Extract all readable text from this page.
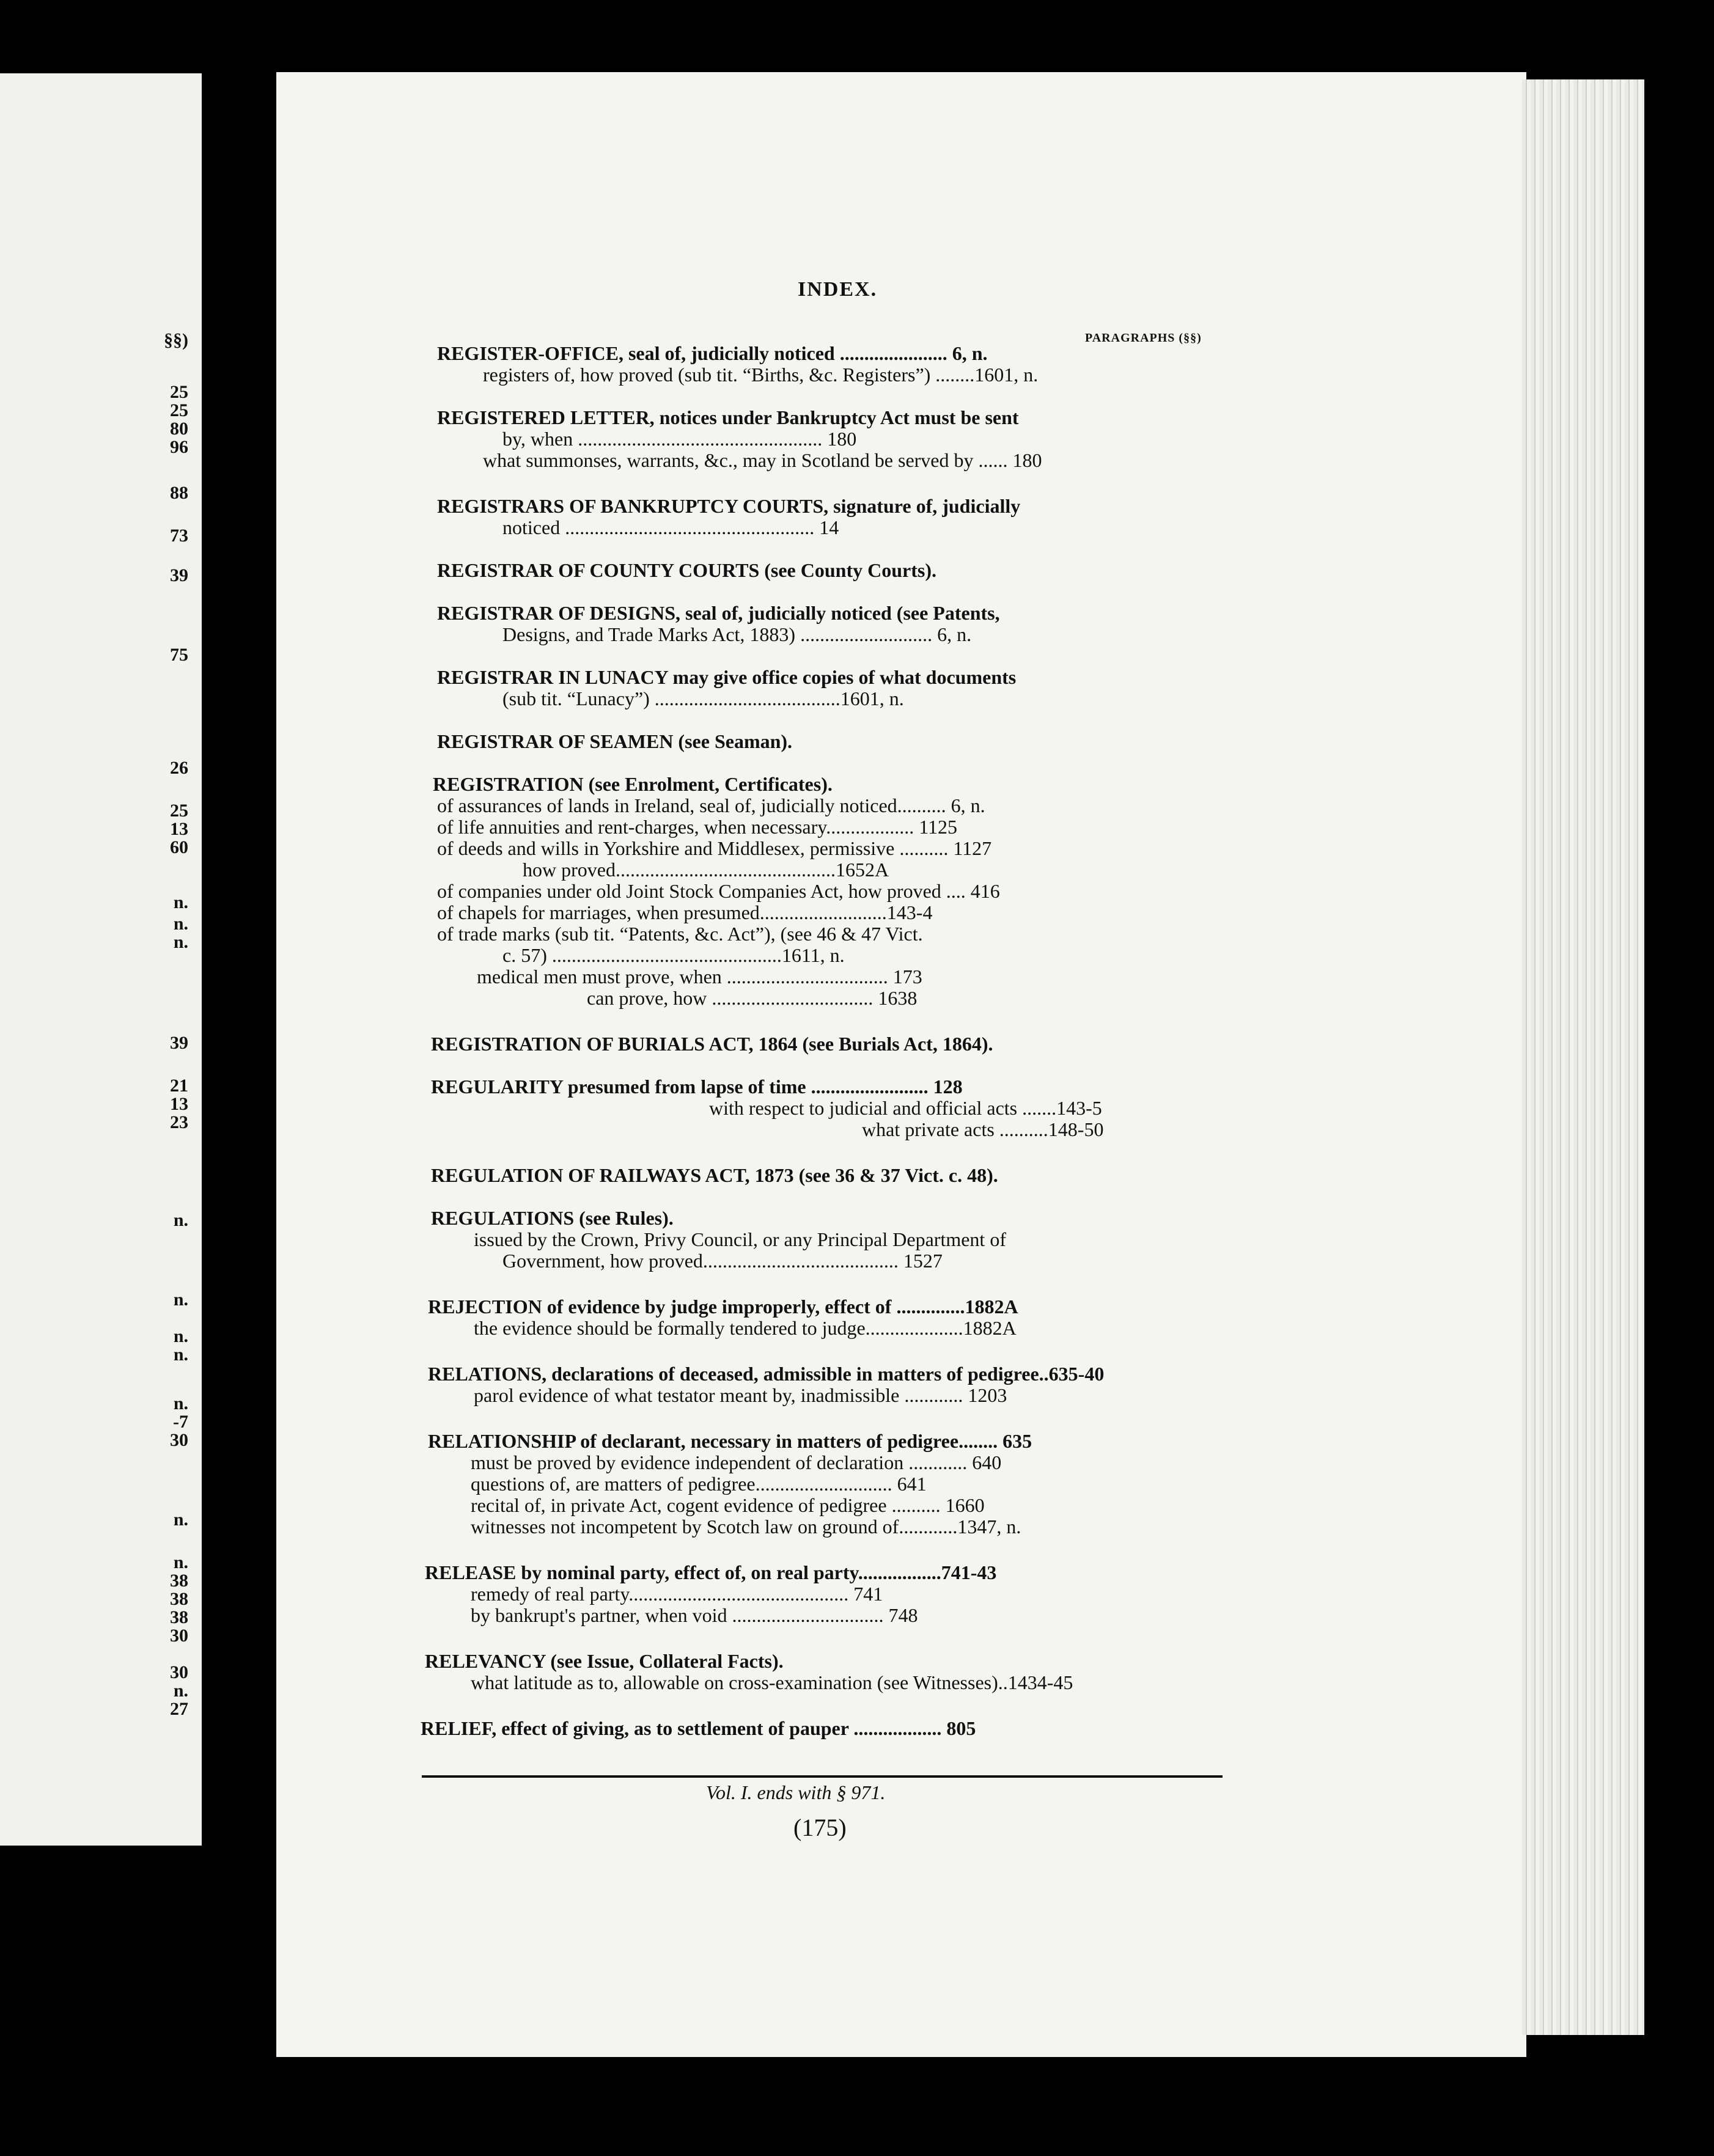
§§)
25
25
80
96
88
73
39
75
26
25
13
60
n.
n.
n.
39
21
13
23
n.
n.
n.
n.
n.
-7
30
n.
n.
38
38
38
30
30
n.
27
INDEX.
PARAGRAPHS (§§)
REGISTER-OFFICE, seal of, judicially noticed ...................... 6, n.
registers of, how proved (sub tit. “Births, &c. Registers”) ........1601, n.
REGISTERED LETTER, notices under Bankruptcy Act must be sent
by, when .................................................. 180
what summonses, warrants, &c., may in Scotland be served by ...... 180
REGISTRARS OF BANKRUPTCY COURTS, signature of, judicially
noticed ................................................... 14
REGISTRAR OF COUNTY COURTS (see County Courts).
REGISTRAR OF DESIGNS, seal of, judicially noticed (see Patents,
Designs, and Trade Marks Act, 1883) ........................... 6, n.
REGISTRAR IN LUNACY may give office copies of what documents
(sub tit. “Lunacy”) ......................................1601, n.
REGISTRAR OF SEAMEN (see Seaman).
REGISTRATION (see Enrolment, Certificates).
of assurances of lands in Ireland, seal of, judicially noticed.......... 6, n.
of life annuities and rent-charges, when necessary.................. 1125
of deeds and wills in Yorkshire and Middlesex, permissive .......... 1127
how proved.............................................1652A
of companies under old Joint Stock Companies Act, how proved .... 416
of chapels for marriages, when presumed..........................143-4
of trade marks (sub tit. “Patents, &c. Act”), (see 46 & 47 Vict.
c. 57) ...............................................1611, n.
medical men must prove, when ................................. 173
can prove, how ................................. 1638
REGISTRATION OF BURIALS ACT, 1864 (see Burials Act, 1864).
REGULARITY presumed from lapse of time ........................ 128
with respect to judicial and official acts .......143-5
what private acts ..........148-50
REGULATION OF RAILWAYS ACT, 1873 (see 36 & 37 Vict. c. 48).
REGULATIONS (see Rules).
issued by the Crown, Privy Council, or any Principal Department of
Government, how proved........................................ 1527
REJECTION of evidence by judge improperly, effect of ..............1882A
the evidence should be formally tendered to judge....................1882A
RELATIONS, declarations of deceased, admissible in matters of pedigree..635-40
parol evidence of what testator meant by, inadmissible ............ 1203
RELATIONSHIP of declarant, necessary in matters of pedigree........ 635
must be proved by evidence independent of declaration ............ 640
questions of, are matters of pedigree............................ 641
recital of, in private Act, cogent evidence of pedigree .......... 1660
witnesses not incompetent by Scotch law on ground of............1347, n.
RELEASE by nominal party, effect of, on real party.................741-43
remedy of real party............................................. 741
by bankrupt's partner, when void ............................... 748
RELEVANCY (see Issue, Collateral Facts).
what latitude as to, allowable on cross-examination (see Witnesses)..1434-45
RELIEF, effect of giving, as to settlement of pauper .................. 805
Vol. I. ends with § 971.
(175)
